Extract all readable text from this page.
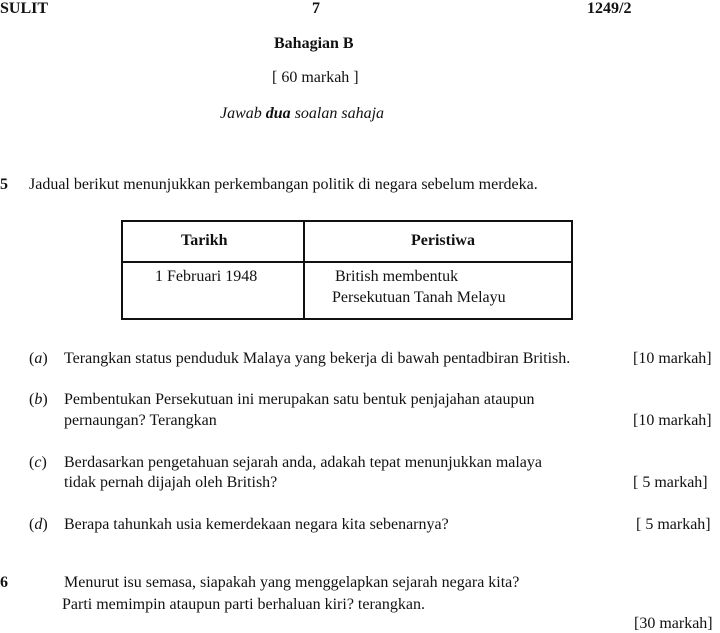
SULIT	7	1249/2
Bahagian B
[ 60 markah ]
Jawab dua soalan sahaja
5 Jadual berikut menunjukkan perkembangan politik di negara sebelum merdeka.
Tarikh	Peristiwa
1 Februari 1948	British membentuk
Persekutuan Tanah Melayu
(a) Terangkan status penduduk Malaya yang bekerja di bawah pentadbiran British.	[10 markah]
(b) Pembentukan Persekutuan ini merupakan satu bentuk penjajahan ataupun
pernaungan? Terangkan	[10 markah]
(c) Berdasarkan pengetahuan sejarah anda, adakah tepat menunjukkan malaya
tidak pernah dijajah oleh British?	[ 5 markah]
(d) Berapa tahunkah usia kemerdekaan negara kita sebenarnya?	[ 5 markah]
6	Menurut isu semasa, siapakah yang menggelapkan sejarah negara kita?
Parti memimpin ataupun parti berhaluan kiri? terangkan.
[30 markah]
